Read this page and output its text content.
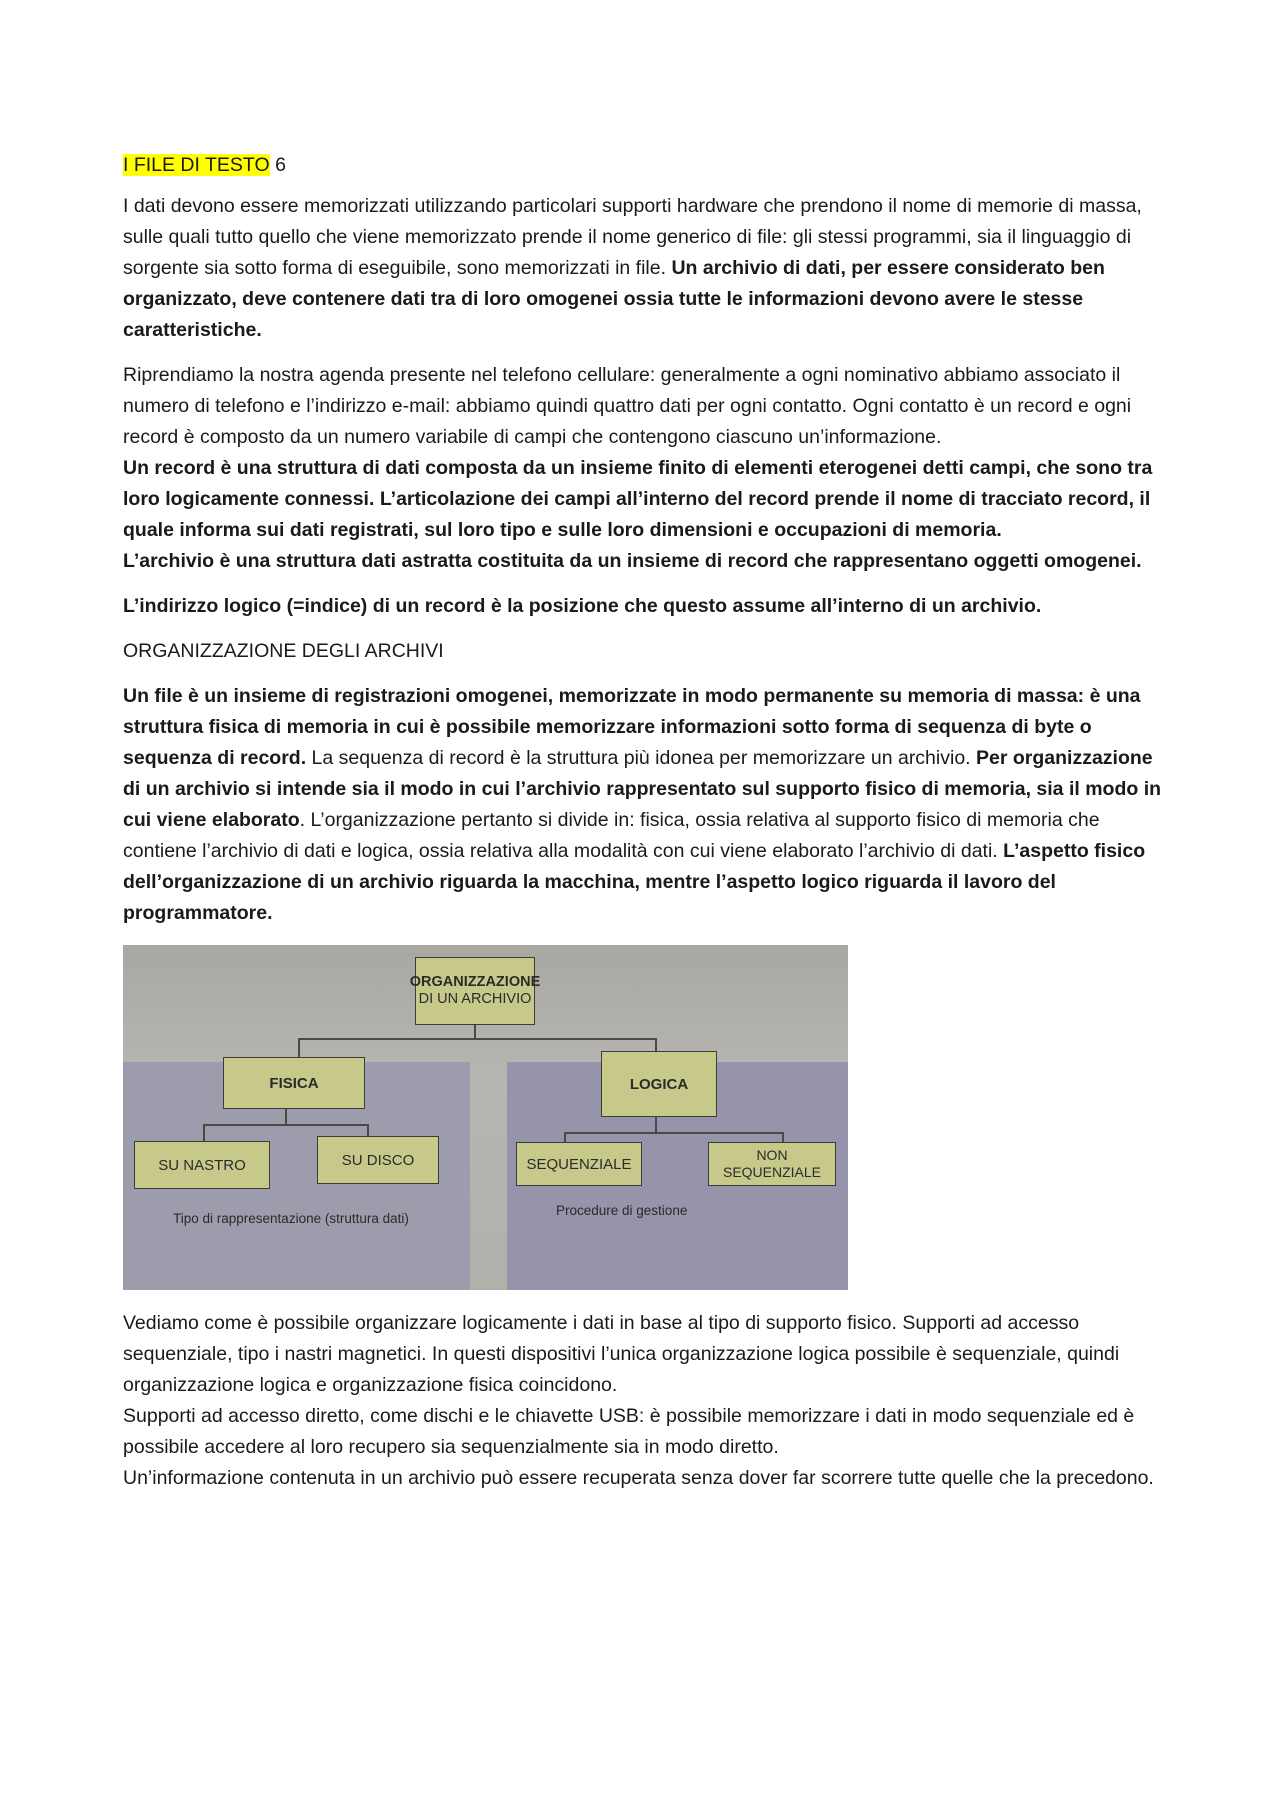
I FILE DI TESTO 6

I dati devono essere memorizzati utilizzando particolari supporti hardware che prendono il nome di memorie di massa, sulle quali tutto quello che viene memorizzato prende il nome generico di file: gli stessi programmi, sia il linguaggio di sorgente sia sotto forma di eseguibile, sono memorizzati in file. Un archivio di dati, per essere considerato ben organizzato, deve contenere dati tra di loro omogenei ossia tutte le informazioni devono avere le stesse caratteristiche.

Riprendiamo la nostra agenda presente nel telefono cellulare: generalmente a ogni nominativo abbiamo associato il numero di telefono e l’indirizzo e-mail: abbiamo quindi quattro dati per ogni contatto. Ogni contatto è un record e ogni record è composto da un numero variabile di campi che contengono ciascuno un’informazione.

Un record è una struttura di dati composta da un insieme finito di elementi eterogenei detti campi, che sono tra loro logicamente connessi. L’articolazione dei campi all’interno del record prende il nome di tracciato record, il quale informa sui dati registrati, sul loro tipo e sulle loro dimensioni e occupazioni di memoria.

L’archivio è una struttura dati astratta costituita da un insieme di record che rappresentano oggetti omogenei.

L’indirizzo logico (=indice) di un record è la posizione che questo assume all’interno di un archivio.

ORGANIZZAZIONE DEGLI ARCHIVI

Un file è un insieme di registrazioni omogenei, memorizzate in modo permanente su memoria di massa: è una struttura fisica di memoria in cui è possibile memorizzare informazioni sotto forma di sequenza di byte o sequenza di record. La sequenza di record è la struttura più idonea per memorizzare un archivio. Per organizzazione di un archivio si intende sia il modo in cui l’archivio rappresentato sul supporto fisico di memoria, sia il modo in cui viene elaborato. L’organizzazione pertanto si divide in: fisica, ossia relativa al supporto fisico di memoria che contiene l’archivio di dati e logica, ossia relativa alla modalità con cui viene elaborato l’archivio di dati. L’aspetto fisico dell’organizzazione di un archivio riguarda la macchina, mentre l’aspetto logico riguarda il lavoro del programmatore.

ORGANIZZAZIONE
DI UN ARCHIVIO
FISICA	LOGICA
SU NASTRO	SU DISCO	SEQUENZIALE
NON SEQUENZIALE
Tipo di rappresentazione (struttura dati)
Procedure di gestione

Vediamo come è possibile organizzare logicamente i dati in base al tipo di supporto fisico. Supporti ad accesso sequenziale, tipo i nastri magnetici. In questi dispositivi l’unica organizzazione logica possibile è sequenziale, quindi organizzazione logica e organizzazione fisica coincidono.

Supporti ad accesso diretto, come dischi e le chiavette USB: è possibile memorizzare i dati in modo sequenziale ed è possibile accedere al loro recupero sia sequenzialmente sia in modo diretto.

Un’informazione contenuta in un archivio può essere recuperata senza dover far scorrere tutte quelle che la precedono.
